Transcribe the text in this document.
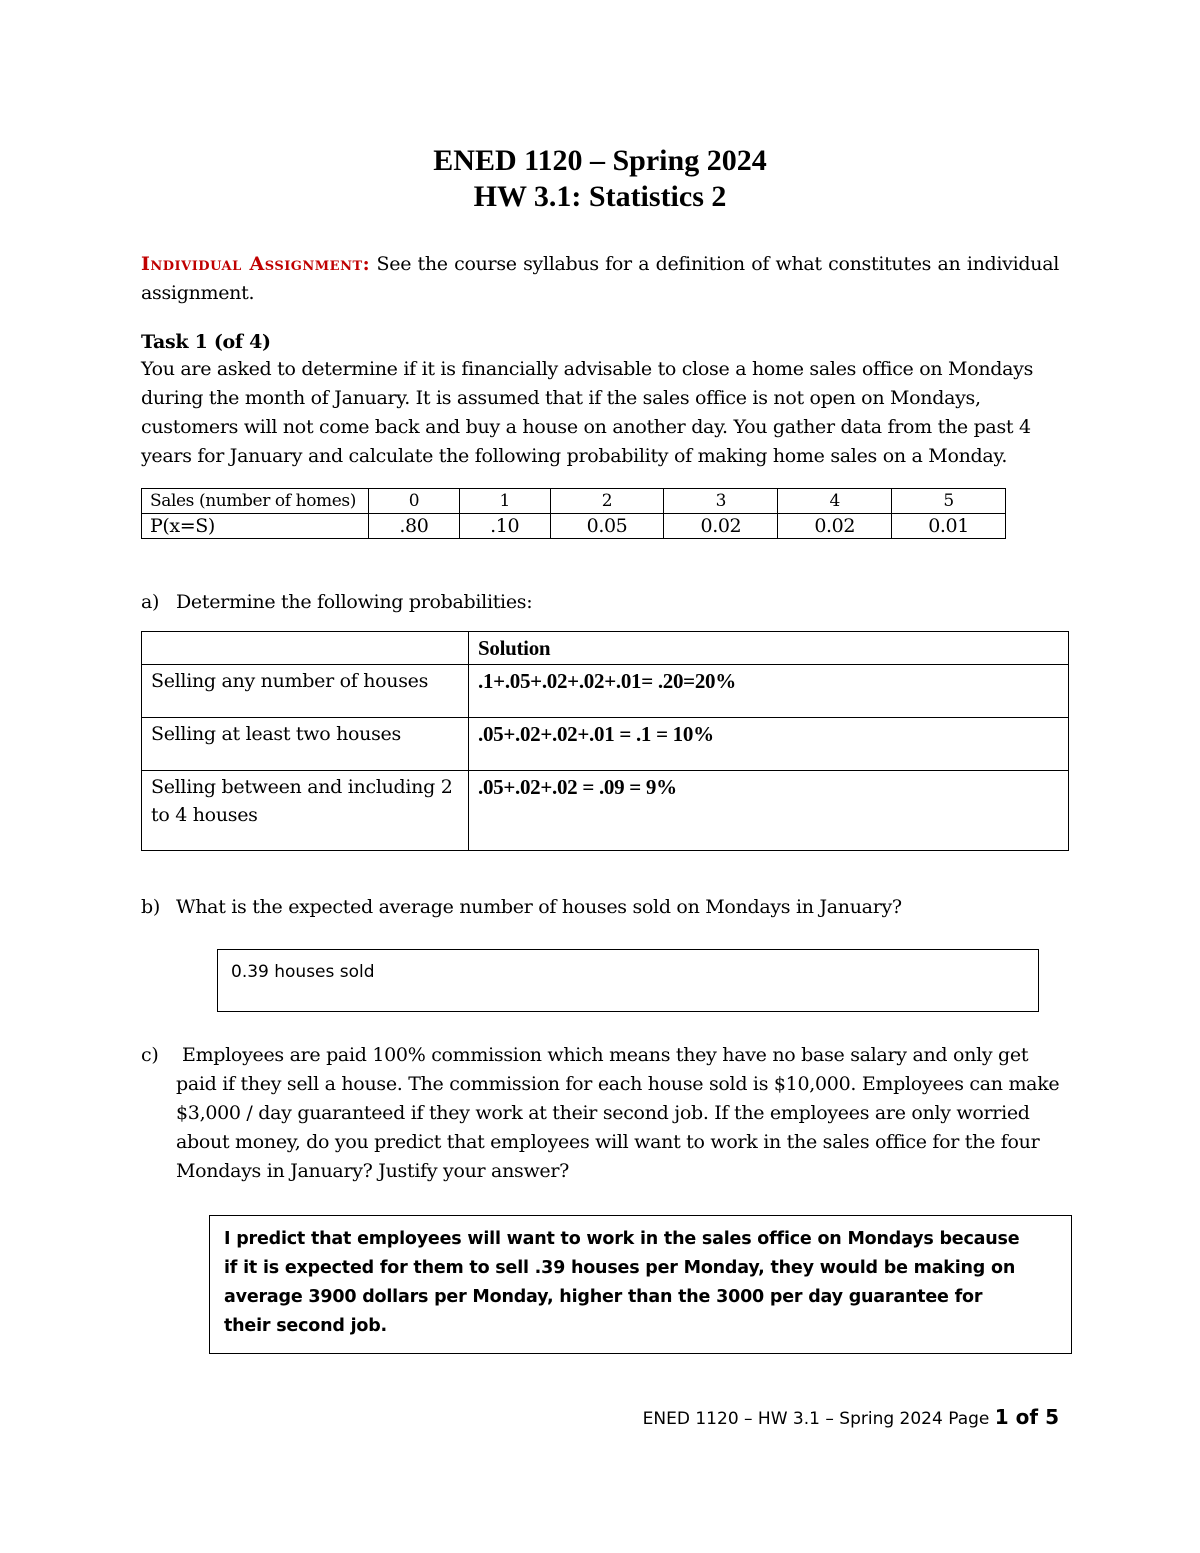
ENED 1120 – Spring 2024
HW 3.1: Statistics 2
Individual Assignment: See the course syllabus for a definition of what constitutes an individual assignment.
Task 1 (of 4)
You are asked to determine if it is financially advisable to close a home sales office on Mondays during the month of January. It is assumed that if the sales office is not open on Mondays, customers will not come back and buy a house on another day. You gather data from the past 4 years for January and calculate the following probability of making home sales on a Monday.
Sales (number of homes)	0	1	2	3	4	5
P(x=S)	.80	.10	0.05	0.02	0.02	0.01
a) Determine the following probabilities:
	Solution
Selling any number of houses	.1+.05+.02+.02+.01= .20=20%
Selling at least two houses	.05+.02+.02+.01 = .1 = 10%
Selling between and including 2 to 4 houses	.05+.02+.02 = .09 = 9%
b) What is the expected average number of houses sold on Mondays in January?
0.39 houses sold
c)	Employees are paid 100% commission which means they have no base salary and only get paid if they sell a house. The commission for each house sold is $10,000. Employees can make $3,000 / day guaranteed if they work at their second job. If the employees are only worried about money, do you predict that employees will want to work in the sales office for the four Mondays in January? Justify your answer?
I predict that employees will want to work in the sales office on Mondays because if it is expected for them to sell .39 houses per Monday, they would be making on average 3900 dollars per Monday, higher than the 3000 per day guarantee for their second job.
ENED 1120 – HW 3.1 – Spring 2024 Page 1 of 5
